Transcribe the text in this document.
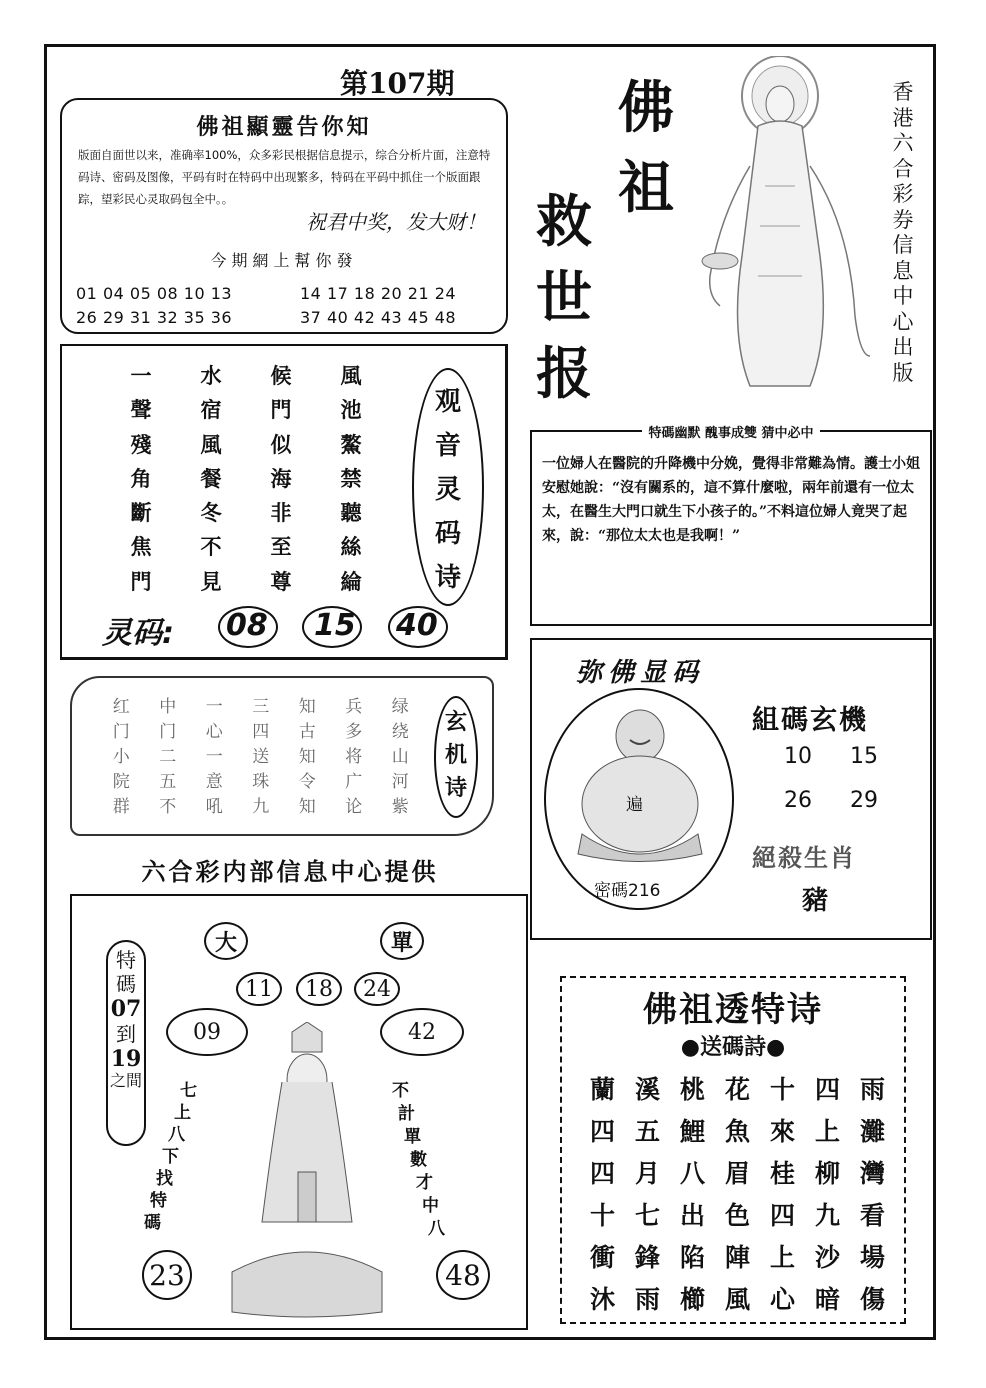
第107期
佛祖顯靈告你知
版面自面世以来，准确率100%，众多彩民根据信息提示，综合分析片面，注意特码诗、密码及图像，平码有时在特码中出现繁多，特码在平码中抓住一个版面跟踪，望彩民心灵取码包全中。。
祝君中奖，发大财！
今期網上幫你發
01 04 05 08 10 13	14 17 18 20 21 24
26 29 31 32 35 36	37 40 42 43 45 48
佛
祖
救
世
报
香港六合彩券信息中心出版
一	水	候	風
聲	宿	門	池
殘	風	似	鰲
角	餐	海	禁
斷	冬	非	聽
焦	不	至	絲
門	見	尊	綸
观
音
灵
码
诗
灵码: 08 15 40
特碼幽默 醜事成雙 猜中必中
一位婦人在醫院的升降機中分娩，覺得非常難為情。護士小姐安慰她說：“沒有關系的，這不算什麼啦，兩年前還有一位太太，在醫生大門口就生下小孩子的。”不料這位婦人竟哭了起來，說：“那位太太也是我啊！”
红	中	一	三	知	兵	绿
门	门	心	四	古	多	绕
小	二	一	送	知	将	山
院	五	意	珠	令	广	河
群	不	吼	九	知	论	紫
玄
机
诗
六合彩内部信息中心提供
弥佛显码
遍
密碼216
組碼玄機
10 15
26 29
絕殺生肖
豬
特
碼
07
到
19
之間
大	單
11	18	24
09	42
七
上
八
下
找
特
碼
不
計
單
數
才
中
八
23	48
佛祖透特诗
●送碼詩●
蘭 溪 桃 花 十 四 雨
四 五 鯉 魚 來 上 灘
四 月 八 眉 桂 柳 灣
十 七 出 色 四 九 看
衝 鋒 陷 陣 上 沙 場
沐 雨 櫛 風 心 暗 傷
